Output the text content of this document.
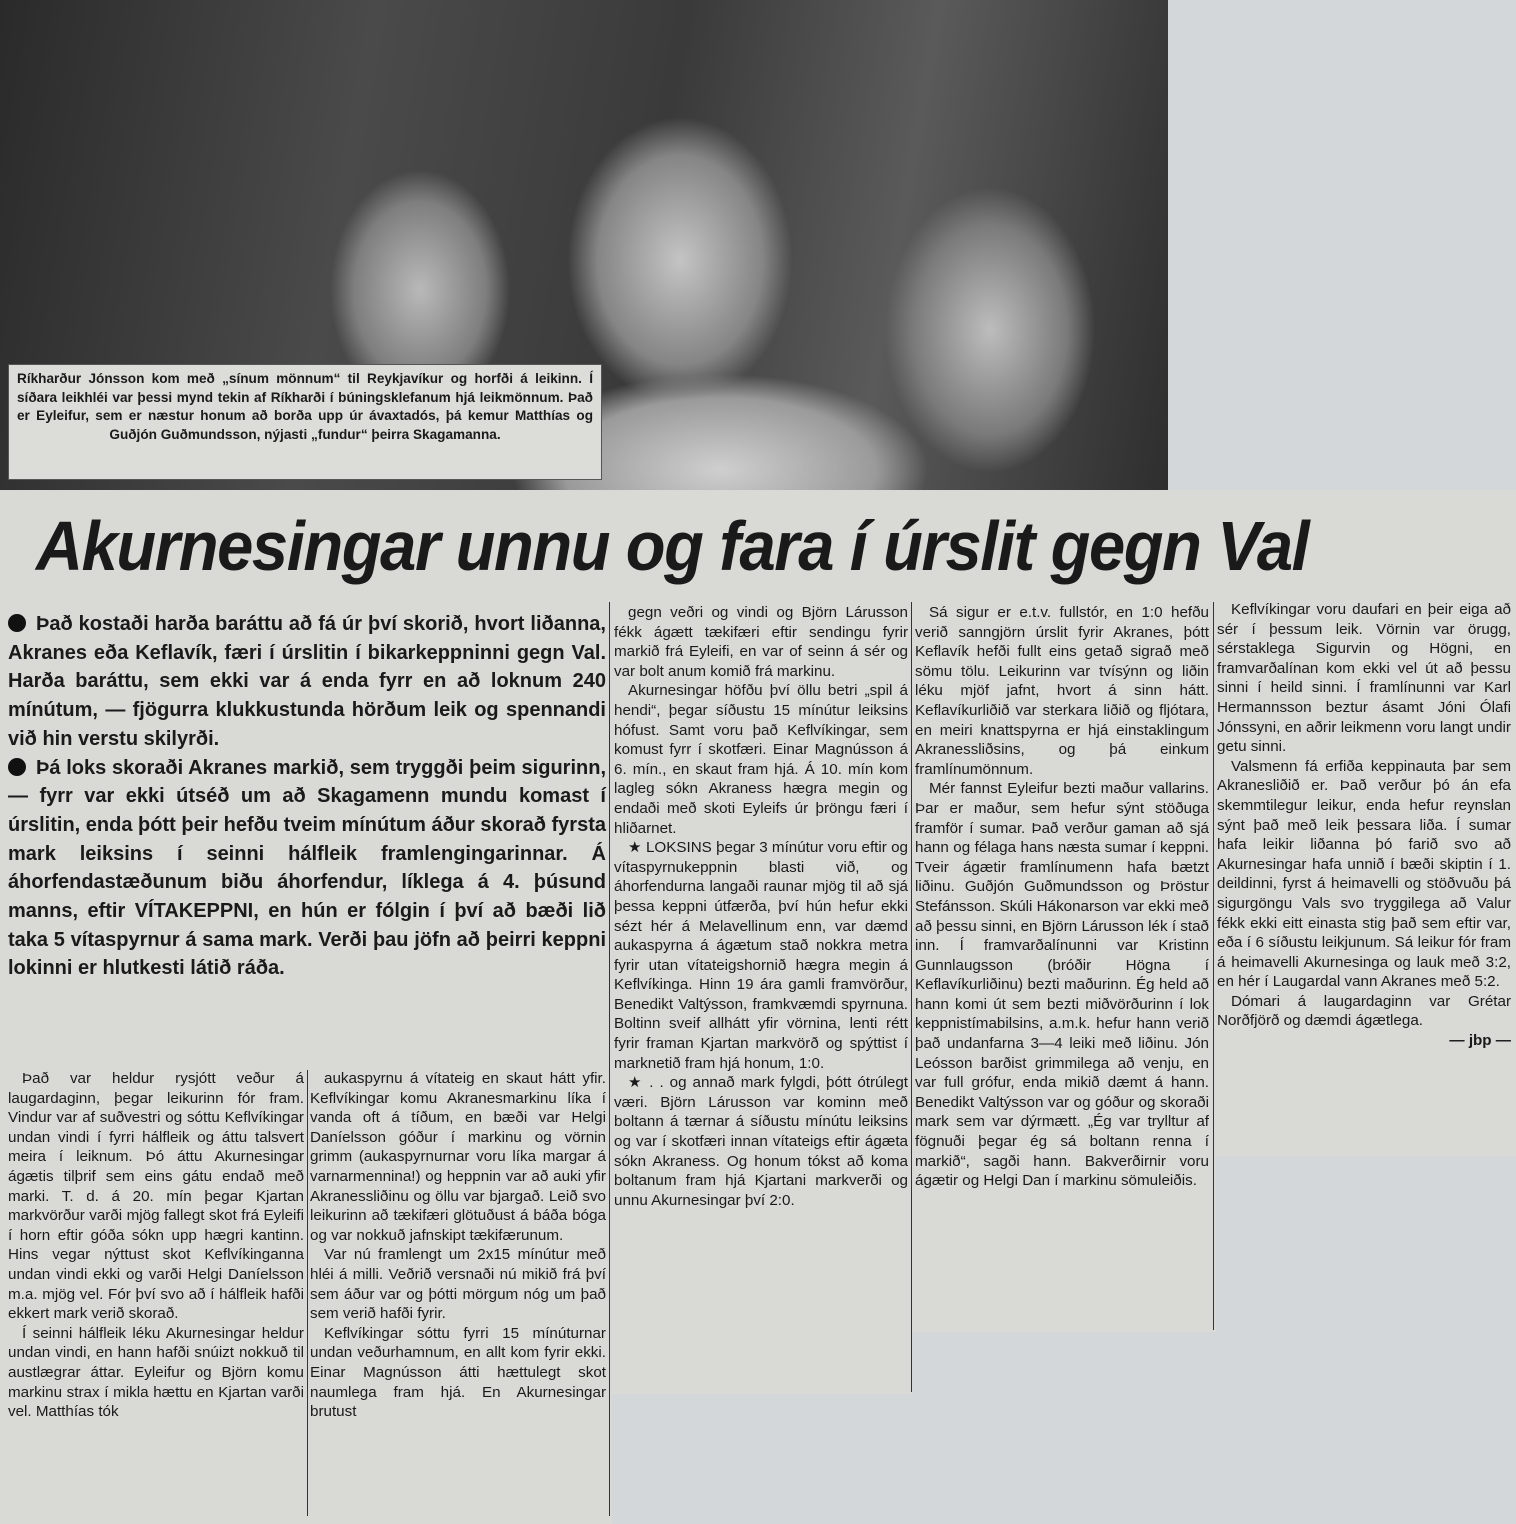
Ríkharður Jónsson kom með „sínum mönnum“ til Reykjavíkur og horfði á leikinn. Í síðara leikhléi var þessi mynd tekin af Ríkharði í búningsklefanum hjá leikmönnum. Það er Eyleifur, sem er næstur honum að borða upp úr ávaxtadós, þá kemur Matthías og Guðjón Guðmundsson, nýjasti „fundur“ þeirra Skagamanna.
Akurnesingar unnu og fara í úrslit gegn Val

Það kostaði harða baráttu að fá úr því skorið, hvort liðanna, Akranes eða Keflavík, færi í úrslitin í bikarkeppninni gegn Val. Harða baráttu, sem ekki var á enda fyrr en að loknum 240 mínútum, — fjögurra klukkustunda hörðum leik og spennandi við hin verstu skilyrði.

Þá loks skoraði Akranes markið, sem tryggði þeim sigurinn, — fyrr var ekki útséð um að Skagamenn mundu komast í úrslitin, enda þótt þeir hefðu tveim mínútum áður skorað fyrsta mark leiksins í seinni hálfleik framlengingarinnar. Á áhorfendastæðunum biðu áhorfendur, líklega á 4. þúsund manns, eftir VÍTAKEPPNI, en hún er fólgin í því að bæði lið taka 5 vítaspyrnur á sama mark. Verði þau jöfn að þeirri keppni lokinni er hlutkesti látið ráða.

Það var heldur rysjótt veður á laugardaginn, þegar leikurinn fór fram. Vindur var af suðvestri og sóttu Keflvíkingar undan vindi í fyrri hálfleik og áttu talsvert meira í leiknum. Þó áttu Akurnesingar ágætis tilþrif sem eins gátu endað með marki. T. d. á 20. mín þegar Kjartan markvörður varði mjög fallegt skot frá Eyleifi í horn eftir góða sókn upp hægri kantinn. Hins vegar nýttust skot Keflvíkinganna undan vindi ekki og varði Helgi Daníelsson m.a. mjög vel. Fór því svo að í hálfleik hafði ekkert mark verið skorað.

Í seinni hálfleik léku Akurnesingar heldur undan vindi, en hann hafði snúizt nokkuð til austlægrar áttar. Eyleifur og Björn komu markinu strax í mikla hættu en Kjartan varði vel. Matthías tók

aukaspyrnu á vítateig en skaut hátt yfir. Keflvíkingar komu Akranesmarkinu líka í vanda oft á tíðum, en bæði var Helgi Daníelsson góður í markinu og vörnin grimm (aukaspyrnurnar voru líka margar á varnarmennina!) og heppnin var að auki yfir Akranessliðinu og öllu var bjargað. Leið svo leikurinn að tækifæri glötuðust á báða bóga og var nokkuð jafnskipt tækifærunum.

Var nú framlengt um 2x15 mínútur með hléi á milli. Veðrið versnaði nú mikið frá því sem áður var og þótti mörgum nóg um það sem verið hafði fyrir.

Keflvíkingar sóttu fyrri 15 mínúturnar undan veðurhamnum, en allt kom fyrir ekki. Einar Magnússon átti hættulegt skot naumlega fram hjá. En Akurnesingar brutust

gegn veðri og vindi og Björn Lárusson fékk ágætt tækifæri eftir sendingu fyrir markið frá Eyleifi, en var of seinn á sér og var bolt anum komið frá markinu.

Akurnesingar höfðu því öllu betri „spil á hendi“, þegar síðustu 15 mínútur leiksins hófust. Samt voru það Keflvíkingar, sem komust fyrr í skotfæri. Einar Magnússon á 6. mín., en skaut fram hjá. Á 10. mín kom laglеg sókn Akraness hægra megin og endaði með skoti Eyleifs úr þröngu færi í hliðarnet.

★ LOKSINS þegar 3 mínútur voru eftir og vítaspyrnukeppnin blasti við, og áhorfendurna langaði raunar mjög til að sjá þessa keppni útfærða, því hún hefur ekki sézt hér á Melavellinum enn, var dæmd aukaspyrna á ágætum stað nokkra metra fyrir utan vítateigshornið hægra megin á Keflvíkinga. Hinn 19 ára gamli framvörður, Benedikt Valtýsson, framkvæmdi spyrnuna. Boltinn sveif allhátt yfir vörnina, lenti rétt fyrir framan Kjartan markvörð og spýttist í marknetið fram hjá honum, 1:0.

★ . . og annað mark fylgdi, þótt ótrúlegt væri. Björn Lárusson var kominn með boltann á tærnar á síðustu mínútu leiksins og var í skotfæri innan vítateigs eftir ágæta sókn Akraness. Og honum tókst að koma boltanum fram hjá Kjartani markverði og unnu Akurnesingar því 2:0.

Sá sigur er e.t.v. fullstór, en 1:0 hefðu verið sanngjörn úrslit fyrir Akranes, þótt Keflavík hefði fullt eins getað sigrað með sömu tölu. Leikurinn var tvísýnn og liðin léku mjöf jafnt, hvort á sinn hátt. Keflavíkurliðið var sterkara liðið og fljótara, en meiri knattspyrna er hjá einstaklingum Akranessliðsins, og þá einkum framlínumönnum.

Mér fannst Eyleifur bezti maður vallarins. Þar er maður, sem hefur sýnt stöðuga framför í sumar. Það verður gaman að sjá hann og félaga hans næsta sumar í keppni. Tveir ágætir framlínumenn hafa bætzt liðinu. Guðjón Guðmundsson og Þröstur Stefánsson. Skúli Hákonarson var ekki með að þessu sinni, en Björn Lárusson lék í stað inn. Í framvarðalínunni var Kristinn Gunnlaugsson (bróðir Högna í Keflavíkurliðinu) bezti maðurinn. Ég held að hann komi út sem bezti miðvörðurinn í lok keppnistímabilsins, a.m.k. hefur hann verið það undanfarna 3—4 leiki með liðinu. Jón Leósson barðist grimmilega að venju, en var full grófur, enda mikið dæmt á hann. Benedikt Valtýsson var og góður og skoraði mark sem var dýrmætt. „Ég var trylltur af fögnuði þegar ég sá boltann renna í markið“, sagði hann. Bakverðirnir voru ágætir og Helgi Dan í markinu sömuleiðis.

Keflvíkingar voru daufari en þeir eiga að sér í þessum leik. Vörnin var örugg, sérstaklega Sigurvin og Högni, en framvarðalínan kom ekki vel út að þessu sinni í heild sinni. Í framlínunni var Karl Hermannsson beztur ásamt Jóni Ólafi Jónssyni, en aðrir leikmenn voru langt undir getu sinni.

Valsmenn fá erfiða keppinauta þar sem Akranesliðið er. Það verður þó án efa skemmtilegur leikur, enda hefur reynslan sýnt það með leik þessara liða. Í sumar hafa leikir liðanna þó farið svo að Akurnesingar hafa unnið í bæði skiptin í 1. deildinni, fyrst á heimavelli og stöðvuðu þá sigurgöngu Vals svo tryggilega að Valur fékk ekki eitt einasta stig það sem eftir var, eða í 6 síðustu leikjunum. Sá leikur fór fram á heimavelli Akurnesinga og lauk með 3:2, en hér í Laugardal vann Akranes með 5:2.

Dómari á laugardaginn var Grétar Norðfjörð og dæmdi ágætlega.

— jbp —
